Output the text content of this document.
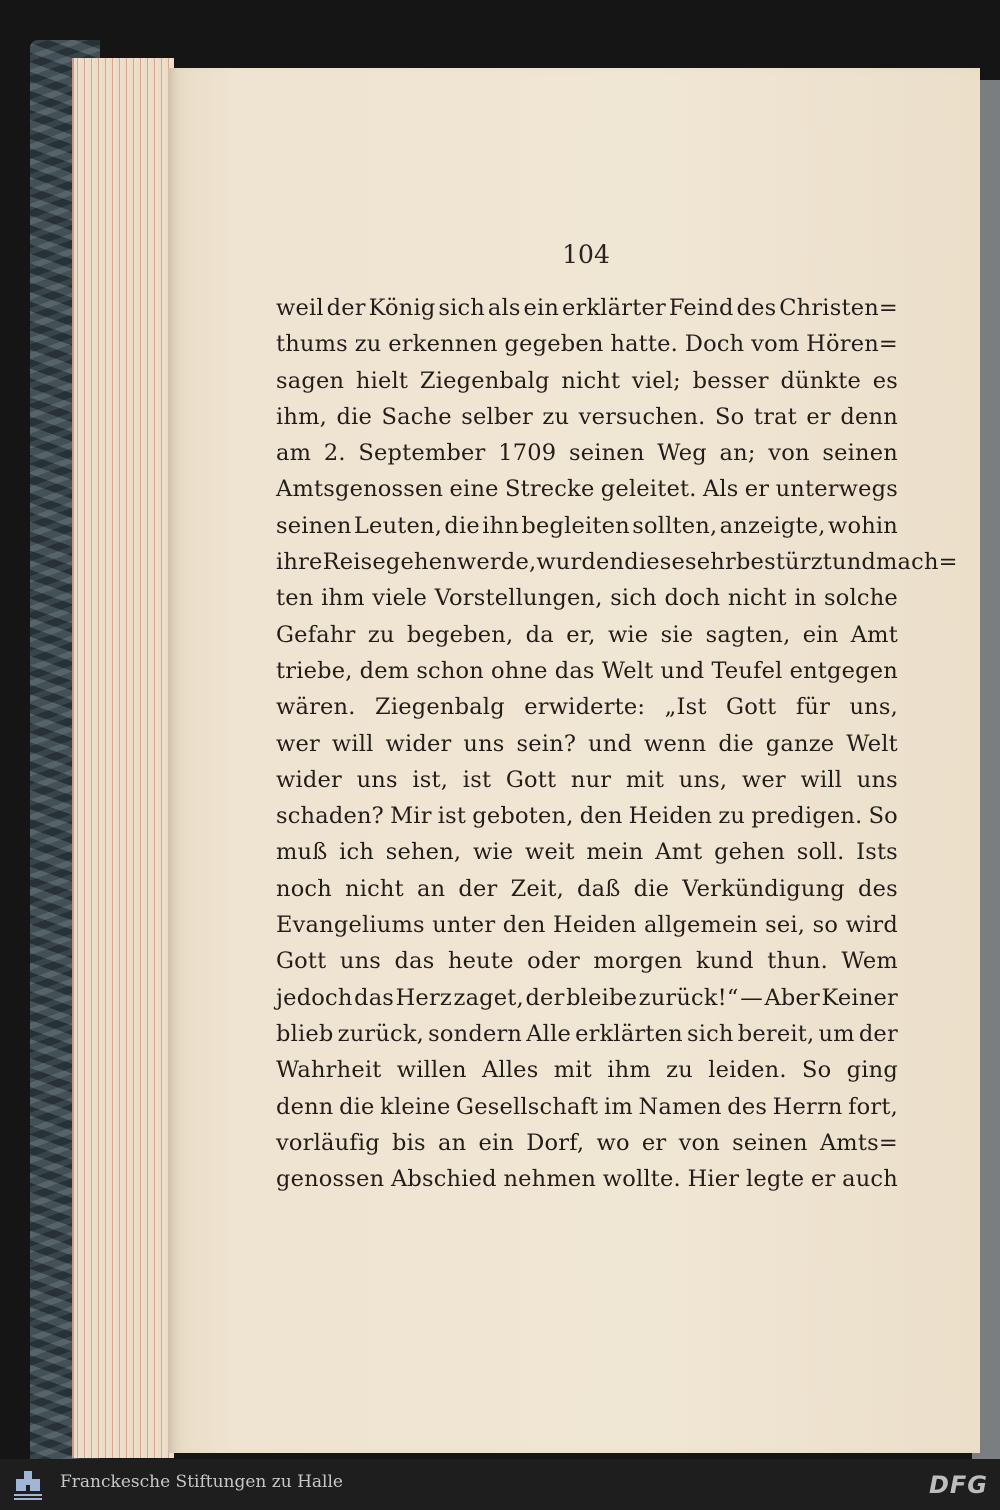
104
weil der König sich als ein erklärter Feind des Christen=
thums zu erkennen gegeben hatte. Doch vom Hören=
sagen hielt Ziegenbalg nicht viel; besser dünkte es
ihm, die Sache selber zu versuchen. So trat er denn
am 2. September 1709 seinen Weg an; von seinen
Amtsgenossen eine Strecke geleitet. Als er unterwegs
seinen Leuten, die ihn begleiten sollten, anzeigte, wohin
ihre Reise gehen werde, wurden diese sehr bestürzt und mach=
ten ihm viele Vorstellungen, sich doch nicht in solche
Gefahr zu begeben, da er, wie sie sagten, ein Amt
triebe, dem schon ohne das Welt und Teufel entgegen
wären. Ziegenbalg erwiderte: „Ist Gott für uns,
wer will wider uns sein? und wenn die ganze Welt
wider uns ist, ist Gott nur mit uns, wer will uns
schaden? Mir ist geboten, den Heiden zu predigen. So
muß ich sehen, wie weit mein Amt gehen soll. Ists
noch nicht an der Zeit, daß die Verkündigung des
Evangeliums unter den Heiden allgemein sei, so wird
Gott uns das heute oder morgen kund thun. Wem
jedoch das Herz zaget, der bleibe zurück!“ — Aber Keiner
blieb zurück, sondern Alle erklärten sich bereit, um der
Wahrheit willen Alles mit ihm zu leiden. So ging
denn die kleine Gesellschaft im Namen des Herrn fort,
vorläufig bis an ein Dorf, wo er von seinen Amts=
genossen Abschied nehmen wollte. Hier legte er auch
Franckesche Stiftungen zu Halle	DFG
